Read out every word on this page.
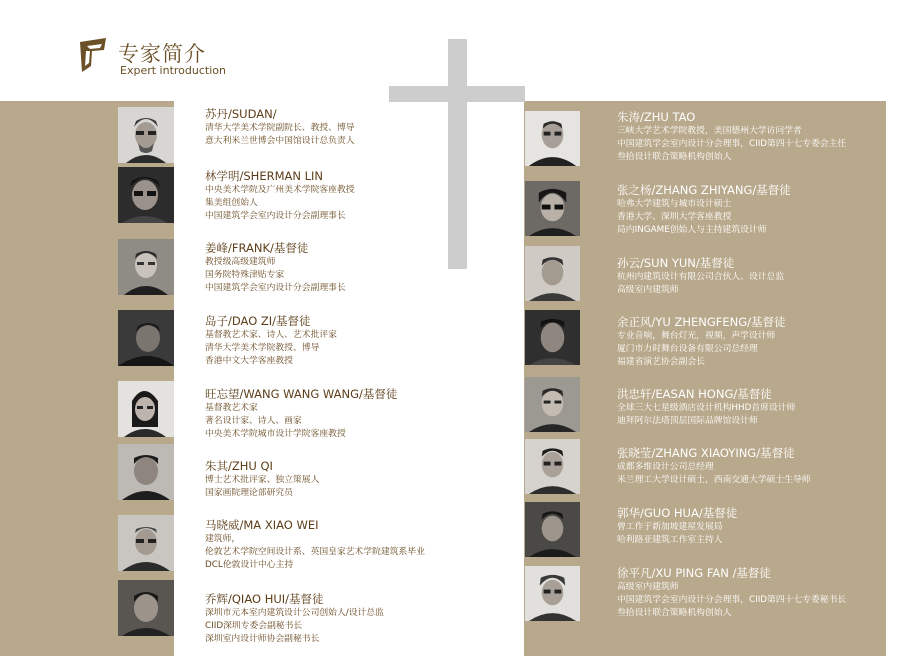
专家简介
Expert introduction
苏丹/SUDAN/
清华大学美术学院副院长、教授、博导
意大利米兰世博会中国馆设计总负责人
林学明/SHERMAN LIN
中央美术学院及广州美术学院客座教授
集美组创始人
中国建筑学会室内设计分会副理事长
姜峰/FRANK/基督徒
教授级高级建筑师
国务院特殊津贴专家
中国建筑学会室内设计分会副理事长
岛子/DAO ZI/基督徒
基督教艺术家、诗人、艺术批评家
清华大学美术学院教授、博导
香港中文大学客座教授
旺忘望/WANG WANG WANG/基督徒
基督教艺术家
著名设计家、诗人、画家
中央美术学院城市设计学院客座教授
朱其/ZHU QI
博士艺术批评家、独立策展人
国家画院理论部研究员
马晓威/MA XIAO WEI
建筑师，
伦敦艺术学院空间设计系、英国皇家艺术学院建筑系毕业
DCL伦敦设计中心主持
乔辉/QIAO HUI/基督徒
深圳市元本室内建筑设计公司创始人/设计总监
CIID深圳专委会副秘书长
深圳室内设计师协会副秘书长
朱涛/ZHU TAO
三峡大学艺术学院教授，美国德州大学访问学者
中国建筑学会室内设计分会理事，CIID第四十七专委会主任
叁拾设计联合策略机构创始人
张之杨/ZHANG ZHIYANG/基督徒
哈弗大学建筑与城市设计硕士
香港大学、深圳大学客座教授
局内INGAME创始人与主持建筑设计师
孙云/SUN YUN/基督徒
杭州内建筑设计有限公司合伙人、设计总监
高级室内建筑师
余正风/YU ZHENGFENG/基督徒
专业音响，舞台灯光，视频，声学设计师
厦门市力时舞台设备有限公司总经理
福建省演艺协会副会长
洪忠轩/EASAN HONG/基督徒
全球三大七星级酒店设计机构HHD首席设计师
迪拜阿尔法塔顶层国际品牌馆设计师
张晓莹/ZHANG XIAOYING/基督徒
成都多维设计公司总经理
米兰理工大学设计硕士，西南交通大学硕士生导师
郭华/GUO HUA/基督徒
曾工作于新加坡建屋发展局
哈利路亚建筑工作室主持人
徐平凡/XU PING FAN /基督徒
高级室内建筑师
中国建筑学会室内设计分会理事，CIID第四十七专委秘书长
叁拾设计联合策略机构创始人
